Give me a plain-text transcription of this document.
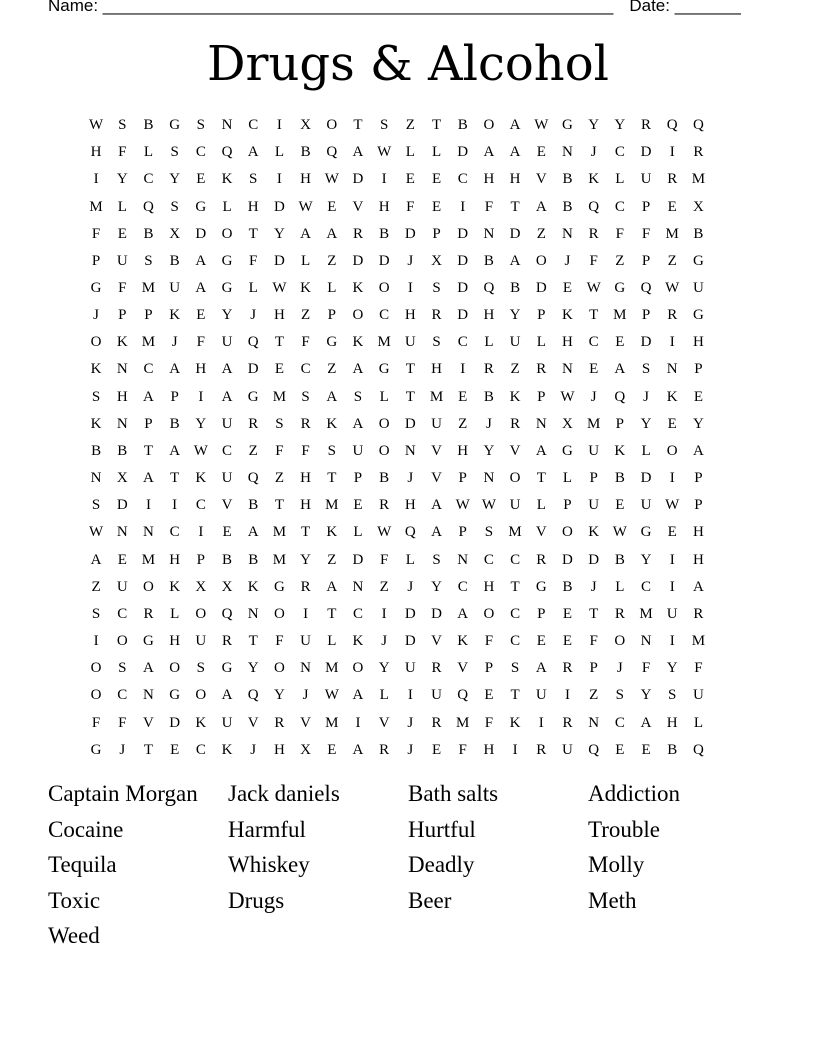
Name: ______________________________________________________ Date: _______
Drugs & Alcohol
W S	B	G	S	N	C	I	X	O	T	S	Z	T	B	O	A W G	Y	Y	R	Q	Q
H	F	L	S	C	Q	A	L	B	Q	A W L	L	D	A	A	E	N	J	C	D	I	R
I	Y	C	Y	E	K	S	I	H W D	I	E	E	C	H	H	V	B	K	L	U	R M
M L	Q	S	G	L	H	D W E	V	H	F	E	I	F	T	A	B	Q	C	P	E	X
F	E	B	X	D	O	T	Y	A	A	R	B	D	P	D	N	D	Z	N	R	F	F	M B
P	U	S	B	A	G	F	D	L	Z	D	D	J	X	D	B	A	O	J	F	Z	P	Z	G
G	F	M U	A	G	L W K	L	K	O	I	S	D	Q	B	D	E W G	Q W U
J	P	P	K	E	Y	J	H	Z	P	O	C	H	R	D	H	Y	P	K	T M	P	R	G
O	K M	J	F	U	Q	T	F	G	K M U	S	C	L	U	L	H	C	E	D	I	H
K	N	C	A	H	A	D	E	C	Z	A	G	T	H	I	R	Z	R	N	E	A	S	N	P
S	H	A	P	I	A	G M	S	A	S	L	T M E	B	K	P W	J	Q	J	K	E
K	N	P	B	Y	U	R	S	R	K	A	O	D	U	Z	J	R	N	X M	P	Y	E	Y
B	B	T	A W C	Z	F	F	S	U	O	N	V	H	Y	V	A	G	U	K	L	O	A
N	X	A	T	K	U	Q	Z	H	T	P	B	J	V	P	N	O	T	L	P	B	D	I	P
S	D	I	I	C	V	B	T	H M E	R	H	A W W U	L	P	U	E	U W P
W N	N	C	I	E	A M T	K	L W Q	A	P	S	M V	O	K W G	E	H
A	E M H	P	B	B M Y	Z	D	F	L	S	N	C	C	R	D	D	B	Y	I	H
Z	U	O	K	X	X	K	G	R	A	N	Z	J	Y	C	H	T	G	B	J	L	C	I	A
S	C	R	L	O	Q	N	O	I	T	C	I	D	D	A	O	C	P	E	T	R M U	R
I	O	G	H	U	R	T	F	U	L	K	J	D	V	K	F	C	E	E	F	O	N	I	M
O	S	A	O	S	G	Y	O	N M O	Y	U	R	V	P	S	A	R	P	J	F	Y	F
O	C	N	G	O	A	Q	Y	J	W A	L	I	U	Q	E	T	U	I	Z	S	Y	S	U
F	F	V	D	K	U	V	R	V M	I	V	J	R M	F	K	I	R	N	C	A	H	L
G	J	T	E	C	K	J	H	X	E	A	R	J	E	F	H	I	R	U	Q	E	E	B	Q
Captain Morgan	Jack daniels	Bath salts	Addiction
Cocaine	Harmful	Hurtful	Trouble
Tequila	Whiskey	Deadly	Molly
Toxic	Drugs	Beer	Meth
Weed
